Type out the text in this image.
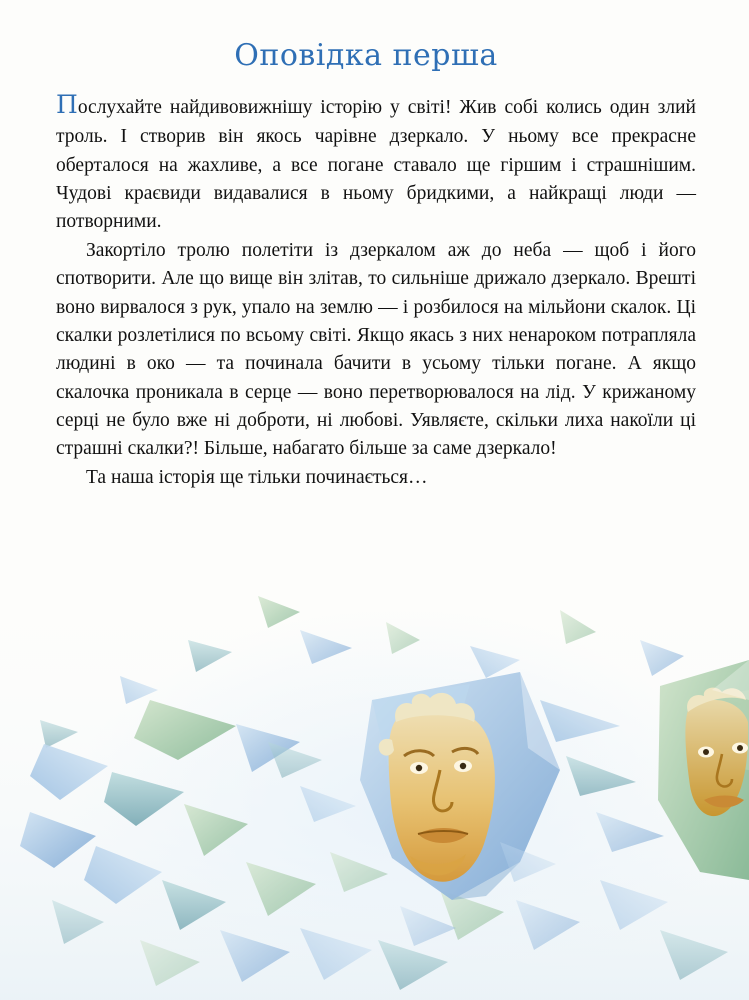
Оповідка перша

Послухайте найдивовижнішу історію у світі! Жив собі колись один злий троль. І створив він якось чарівне дзеркало. У ньому все прекрасне оберталося на жахливе, а все погане ставало ще гіршим і страшнішим. Чудові краєвиди видавалися в ньому бридкими, а найкращі люди — потворними.

Закортіло тролю полетіти із дзеркалом аж до неба — щоб і його спотворити. Але що вище він злітав, то сильніше дрижало дзеркало. Врешті воно вирвалося з рук, упало на землю — і розбилося на мільйони скалок. Ці скалки розлетілися по всьому світі. Якщо якась з них ненароком потрапляла людині в око — та починала бачити в усьому тільки погане. А якщо скалочка проникала в серце — воно перетворювалося на лід. У крижаному серці не було вже ні доброти, ні любові. Уявляєте, скільки лиха накоїли ці страшні скалки?! Більше, набагато більше за саме дзеркало!

Та наша історія ще тільки починається…
